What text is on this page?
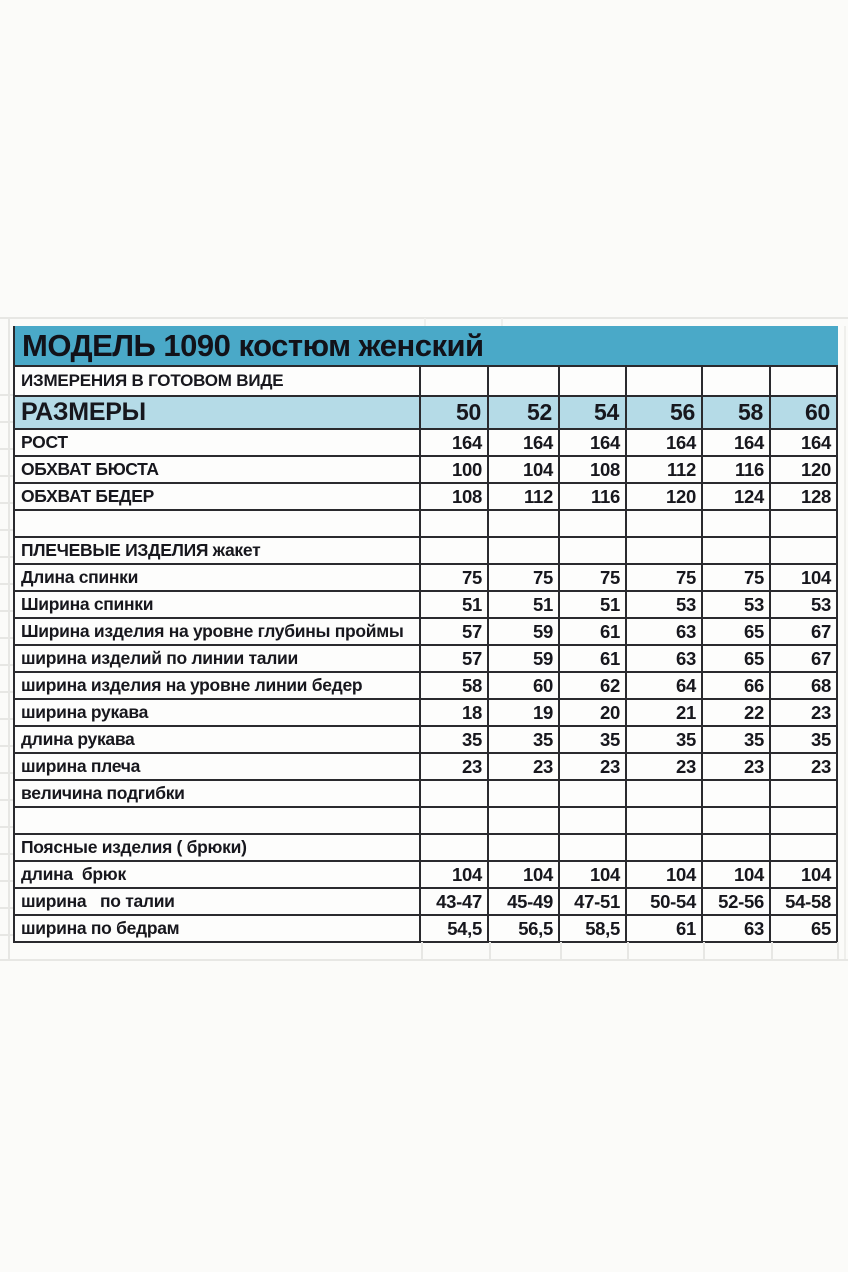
МОДЕЛЬ 1090 костюм женский
ИЗМЕРЕНИЯ В ГОТОВОМ ВИДЕ
РАЗМЕРЫ	50	52	54	56	58	60
РОСТ	164	164	164	164	164	164
ОБХВАТ БЮСТА	100	104	108	112	116	120
ОБХВАТ БЕДЕР	108	112	116	120	124	128
ПЛЕЧЕВЫЕ ИЗДЕЛИЯ жакет
Длина спинки	75	75	75	75	75	104
Ширина спинки	51	51	51	53	53	53
Ширина изделия на уровне глубины проймы	57	59	61	63	65	67
ширина изделий по линии талии	57	59	61	63	65	67
ширина изделия на уровне линии бедер	58	60	62	64	66	68
ширина рукава	18	19	20	21	22	23
длина рукава	35	35	35	35	35	35
ширина плеча	23	23	23	23	23	23
величина подгибки
Поясные изделия ( брюки)
длина  брюк	104	104	104	104	104	104
ширина   по талии	43-47	45-49	47-51	50-54	52-56	54-58
ширина по бедрам	54,5	56,5	58,5	61	63	65
